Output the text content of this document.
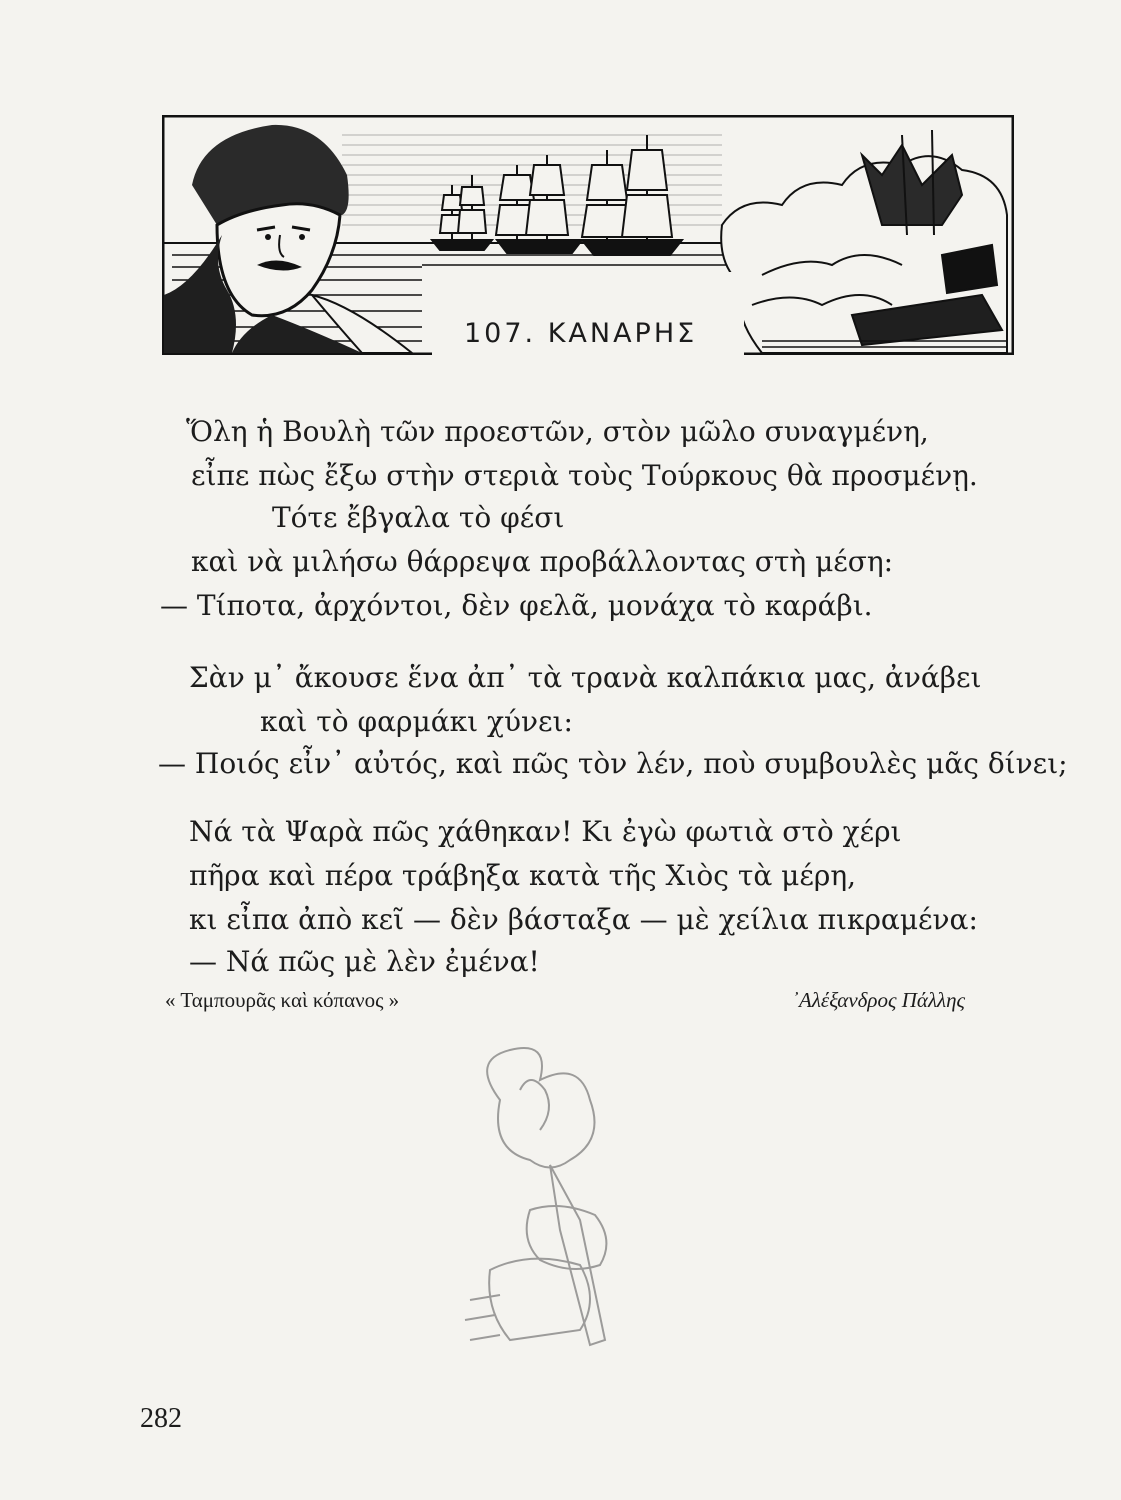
107. ΚΑΝΑΡΗΣ
Ὅλη ἡ Βουλὴ τῶν προεστῶν, στὸν μῶλο συναγμένη,
εἶπε πὼς ἔξω στὴν στεριὰ τοὺς Τούρκους θὰ προσμένῃ.
Τότε ἔβγαλα τὸ φέσι
καὶ νὰ μιλήσω θάρρεψα προβάλλοντας στὴ μέση:
— Τίποτα, ἀρχόντοι, δὲν φελᾶ, μονάχα τὸ καράβι.
Σὰν μ᾿ ἄκουσε ἕνα ἀπ᾿ τὰ τρανὰ καλπάκια μας, ἀνάβει
καὶ τὸ φαρμάκι χύνει:
— Ποιός εἶν᾿ αὐτός, καὶ πῶς τὸν λέν, ποὺ συμβουλὲς μᾶς δίνει;
Νά τὰ Ψαρὰ πῶς χάθηκαν! Κι ἐγὼ φωτιὰ στὸ χέρι
πῆρα καὶ πέρα τράβηξα κατὰ τῆς Χιὸς τὰ μέρη,
κι εἶπα ἀπὸ κεῖ — δὲν βάσταξα — μὲ χείλια πικραμένα:
— Νά πῶς μὲ λὲν ἐμένα!
« Ταμπουρᾶς καὶ κόπανος »	᾿Αλέξανδρος Πάλλης
282
